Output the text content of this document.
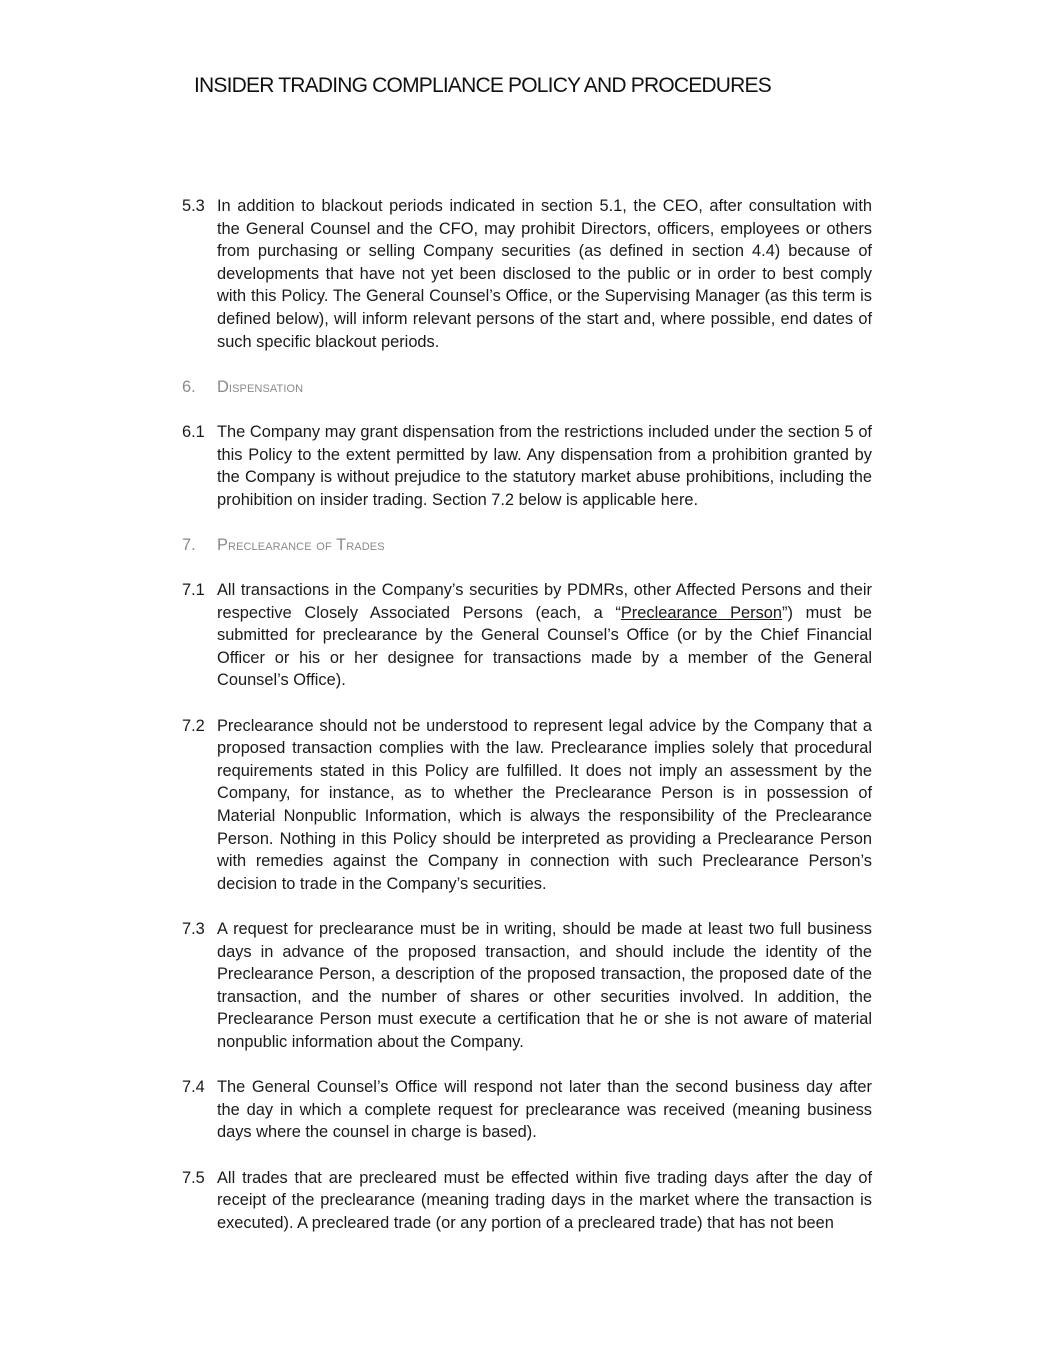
INSIDER TRADING COMPLIANCE POLICY AND PROCEDURES
5.3 In addition to blackout periods indicated in section 5.1, the CEO, after consultation with the General Counsel and the CFO, may prohibit Directors, officers, employees or others from purchasing or selling Company securities (as defined in section 4.4) because of developments that have not yet been disclosed to the public or in order to best comply with this Policy. The General Counsel’s Office, or the Supervising Manager (as this term is defined below), will inform relevant persons of the start and, where possible, end dates of such specific blackout periods.
6.	Dispensation
6.1 The Company may grant dispensation from the restrictions included under the section 5 of this Policy to the extent permitted by law. Any dispensation from a prohibition granted by the Company is without prejudice to the statutory market abuse prohibitions, including the prohibition on insider trading. Section 7.2 below is applicable here.
7.	Preclearance of Trades
7.1 All transactions in the Company’s securities by PDMRs, other Affected Persons and their respective Closely Associated Persons (each, a “Preclearance Person”) must be submitted for preclearance by the General Counsel’s Office (or by the Chief Financial Officer or his or her designee for transactions made by a member of the General Counsel’s Office).
7.2 Preclearance should not be understood to represent legal advice by the Company that a proposed transaction complies with the law. Preclearance implies solely that procedural requirements stated in this Policy are fulfilled. It does not imply an assessment by the Company, for instance, as to whether the Preclearance Person is in possession of Material Nonpublic Information, which is always the responsibility of the Preclearance Person. Nothing in this Policy should be interpreted as providing a Preclearance Person with remedies against the Company in connection with such Preclearance Person’s decision to trade in the Company’s securities.
7.3 A request for preclearance must be in writing, should be made at least two full business days in advance of the proposed transaction, and should include the identity of the Preclearance Person, a description of the proposed transaction, the proposed date of the transaction, and the number of shares or other securities involved. In addition, the Preclearance Person must execute a certification that he or she is not aware of material nonpublic information about the Company.
7.4 The General Counsel’s Office will respond not later than the second business day after the day in which a complete request for preclearance was received (meaning business days where the counsel in charge is based).
7.5 All trades that are precleared must be effected within five trading days after the day of receipt of the preclearance (meaning trading days in the market where the transaction is executed). A precleared trade (or any portion of a precleared trade) that has not been
